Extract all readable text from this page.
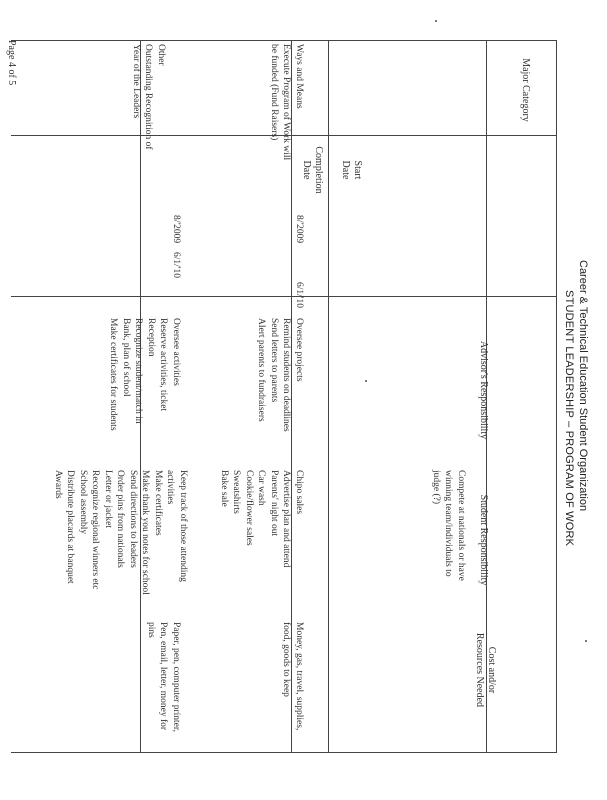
Career & Technical Education Student Organization
STUDENT LEADERSHIP – PROGRAM OF WORK
Major Category
Start
Date
Completion
Date
Advisor's Responsibility
Student Responsibility
Cost and/or
Resources Needed
Compete at nationals or have
winning team/individuals to
judge (?)
Ways and Means
Execute Program of Work will
be funded (Fund Raisers)
8/'2009
6/1/'10
Oversee projects
Remind students on deadlines
Send letters to parents
Alert parents to fundraisers
Chipo sales
Advertise plan and attend
Parents' night out
Car wash
Cookie/flower sales
Sweatshirts
Bake sale
Money, gas, travel, supplies,
food, goods to keep
Other
Outstanding Recognition of
Year of the Leaders
8/'2009
6/1/'10
Oversee activities
Reserve activities, ticket
Reception
Recognize student/match in
Bank, plan of school
Make certificates for students
Keep track of those attending
activities
Make certificates
Make thank you notes for school
Send directions to leaders
Order pins from nationals
Letter or jacket
Recognize regional winners etc
School assembly
Distribute placards at banquet
Awards
Paper, pen, computer printer,
Pen, email, letter, money for
pins
Page 4 of 5
